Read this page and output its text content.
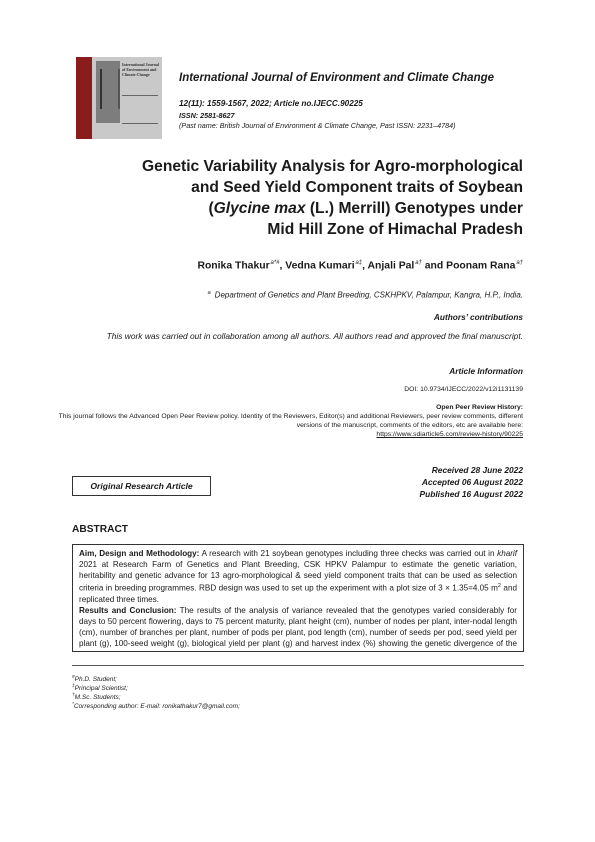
International Journal of Environment and Climate Change	International Journal of Environment and Climate Change
12(11): 1559-1567, 2022; Article no.IJECC.90225
ISSN: 2581-8627
(Past name: British Journal of Environment & Climate Change, Past ISSN: 2231–4784)
Genetic Variability Analysis for Agro-morphological
and Seed Yield Component traits of Soybean
(Glycine max (L.) Merrill) Genotypes under
Mid Hill Zone of Himachal Pradesh
Ronika Thakur $^{a*\#}$, Vedna Kumari $^{a\ddagger}$, Anjali Pal $^{a\dagger}$ and Poonam Rana $^{a\dagger}$
$^a$  Department of Genetics and Plant Breeding, CSKHPKV, Palampur, Kangra, H.P., India.
Authors’ contributions
This work was carried out in collaboration among all authors. All authors read and approved the final manuscript.
Article Information
DOI: 10.9734/IJECC/2022/v12i1131139
Open Peer Review History:
This journal follows the Advanced Open Peer Review policy. Identity of the Reviewers, Editor(s) and additional Reviewers, peer review comments, different versions of the manuscript, comments of the editors, etc are available here:
https://www.sdiarticle5.com/review-history/90225
Original Research Article
Received 28 June 2022
Accepted 06 August 2022
Published 16 August 2022
ABSTRACT
Aim, Design and Methodology: A research with 21 soybean genotypes including three checks was carried out in kharif 2021 at Research Farm of Genetics and Plant Breeding, CSK HPKV Palampur to estimate the genetic variation, heritability and genetic advance for 13 agro-morphological & seed yield component traits that can be used as selection criteria in breeding programmes. RBD design was used to set up the experiment with a plot size of 3 × 1.35=4.05 $m^2$ and replicated three times.
Results and Conclusion: The results of the analysis of variance revealed that the genotypes varied considerably for days to 50 percent flowering, days to 75 percent maturity, plant height (cm), number of nodes per plant, inter-nodal length (cm), number of branches per plant, number of pods per plant, pod length (cm), number of seeds per pod, seed yield per plant (g), 100-seed weight (g), biological yield per plant (g) and harvest index (%) showing the genetic divergence of the
#Ph.D. Student;
‡Principal Scientist;
†M.Sc. Students;
*Corresponding author: E-mail: ronikathakur7@gmail.com;
